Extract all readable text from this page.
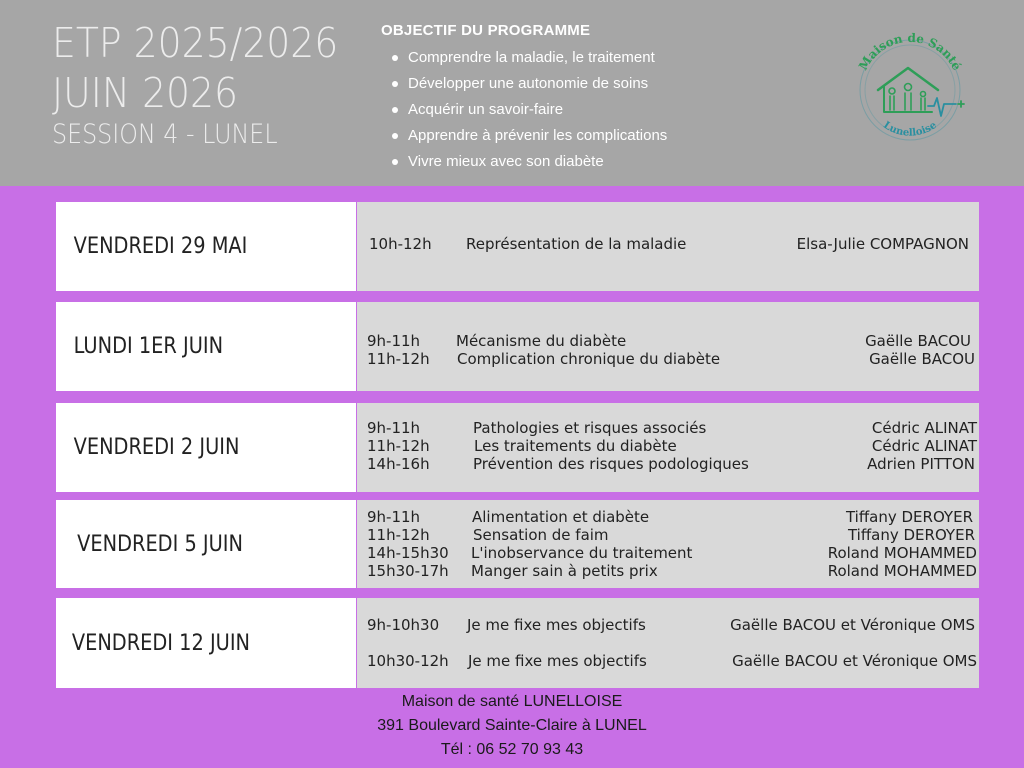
ETP 2025/2026
JUIN 2026
SESSION 4 - LUNEL
OBJECTIF DU PROGRAMME
Comprendre la maladie, le traitement
Développer une autonomie de soins
Acquérir un savoir-faire
Apprendre à prévenir les complications
Vivre mieux avec son diabète
Maison de Santé
Lunelloise
VENDREDI 29 MAI	10h-12h Représentation de la maladie	Elsa-Julie COMPAGNON
LUNDI 1ER JUIN	9h-11h Mécanisme du diabète	Gaëlle BACOU
11h-12h Complication chronique du diabète	Gaëlle BACOU
VENDREDI 2 JUIN
9h-11h	Pathologies et risques associés	Cédric ALINAT
11h-12h	Les traitements du diabète	Cédric ALINAT
14h-16h	Prévention des risques podologiques	Adrien PITTON
VENDREDI 5 JUIN
9h-11h	Alimentation et diabète	Tiffany DEROYER
11h-12h	Sensation de faim	Tiffany DEROYER
14h-15h30 L'inobservance du traitement	Roland MOHAMMED
15h30-17h Manger sain à petits prix	Roland MOHAMMED
VENDREDI 12 JUIN
9h-10h30 Je me fixe mes objectifs	Gaëlle BACOU et Véronique OMS
10h30-12h Je me fixe mes objectifs	Gaëlle BACOU et Véronique OMS
Maison de santé LUNELLOISE
391 Boulevard Sainte-Claire à LUNEL
Tél : 06 52 70 93 43
